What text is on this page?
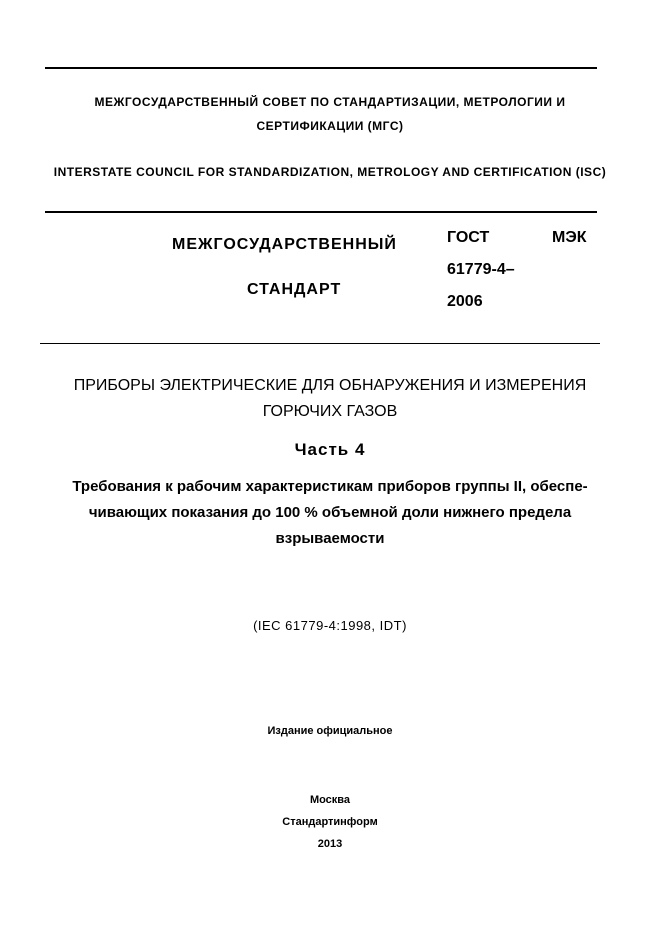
МЕЖГОСУДАРСТВЕННЫЙ СОВЕТ ПО СТАНДАРТИЗАЦИИ, МЕТРОЛОГИИ И СЕРТИФИКАЦИИ (МГС)
INTERSTATE COUNCIL FOR STANDARDIZATION, METROLOGY AND CERTIFICATION (ISC)
МЕЖГОСУДАРСТВЕННЫЙ
СТАНДАРТ
ГОСТ	МЭК
61779-4–
2006
ПРИБОРЫ ЭЛЕКТРИЧЕСКИЕ ДЛЯ ОБНАРУЖЕНИЯ И ИЗМЕРЕНИЯ
ГОРЮЧИХ ГАЗОВ
Часть 4
Требования к рабочим характеристикам приборов группы II, обеспе-
чивающих показания до 100 % объемной доли нижнего предела
взрываемости
(IEC 61779-4:1998, IDT)
Издание официальное
Москва
Стандартинформ
2013
